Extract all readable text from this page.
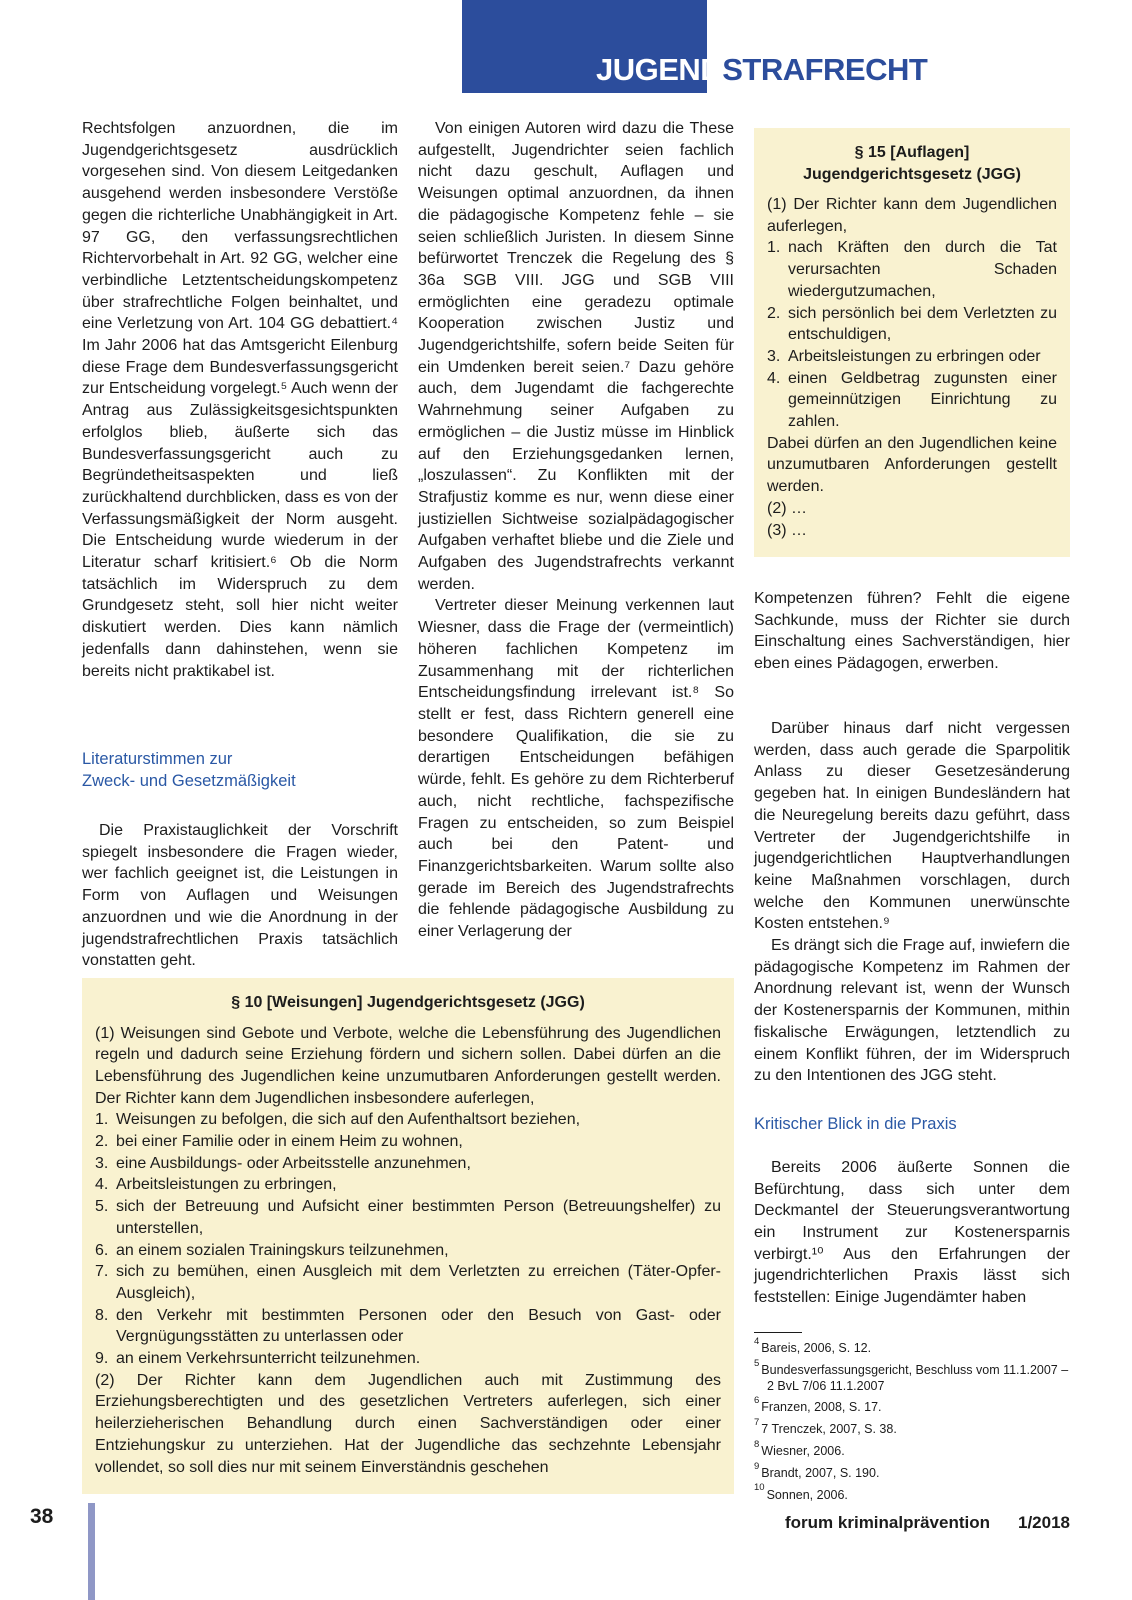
JUGENDSTRAFRECHT

Rechtsfolgen anzuordnen, die im Jugendgerichtsgesetz ausdrücklich vorgesehen sind. Von diesem Leitgedanken ausgehend werden insbesondere Verstöße gegen die richterliche Unabhängigkeit in Art. 97 GG, den verfassungsrechtlichen Richtervorbehalt in Art. 92 GG, welcher eine verbindliche Letztentscheidungskompetenz über strafrechtliche Folgen beinhaltet, und eine Verletzung von Art. 104 GG debattiert.⁴ Im Jahr 2006 hat das Amtsgericht Eilenburg diese Frage dem Bundesverfassungsgericht zur Entscheidung vorgelegt.⁵ Auch wenn der Antrag aus Zulässigkeitsgesichtspunkten erfolglos blieb, äußerte sich das Bundesverfassungsgericht auch zu Begründetheitsaspekten und ließ zurückhaltend durchblicken, dass es von der Verfassungsmäßigkeit der Norm ausgeht. Die Entscheidung wurde wiederum in der Literatur scharf kritisiert.⁶ Ob die Norm tatsächlich im Widerspruch zu dem Grundgesetz steht, soll hier nicht weiter diskutiert werden. Dies kann nämlich jedenfalls dann dahinstehen, wenn sie bereits nicht praktikabel ist.

Literaturstimmen zur
Zweck- und Gesetzmäßigkeit

Die Praxistauglichkeit der Vorschrift spiegelt insbesondere die Fragen wieder, wer fachlich geeignet ist, die Leistungen in Form von Auflagen und Weisungen anzuordnen und wie die Anordnung in der jugendstrafrechtlichen Praxis tatsächlich vonstatten geht.

Von einigen Autoren wird dazu die These aufgestellt, Jugendrichter seien fachlich nicht dazu geschult, Auflagen und Weisungen optimal anzuordnen, da ihnen die pädagogische Kompetenz fehle – sie seien schließlich Juristen. In diesem Sinne befürwortet Trenczek die Regelung des § 36a SGB VIII. JGG und SGB VIII ermöglichten eine geradezu optimale Kooperation zwischen Justiz und Jugendgerichtshilfe, sofern beide Seiten für ein Umdenken bereit seien.⁷ Dazu gehöre auch, dem Jugendamt die fachgerechte Wahrnehmung seiner Aufgaben zu ermöglichen – die Justiz müsse im Hinblick auf den Erziehungsgedanken lernen, „loszulassen“. Zu Konflikten mit der Strafjustiz komme es nur, wenn diese einer justiziellen Sichtweise sozialpädagogischer Aufgaben verhaftet bliebe und die Ziele und Aufgaben des Jugendstrafrechts verkannt werden.

Vertreter dieser Meinung verkennen laut Wiesner, dass die Frage der (vermeintlich) höheren fachlichen Kompetenz im Zusammenhang mit der richterlichen Entscheidungsfindung irrelevant ist.⁸ So stellt er fest, dass Richtern generell eine besondere Qualifikation, die sie zu derartigen Entscheidungen befähigen würde, fehlt. Es gehöre zu dem Richterberuf auch, nicht rechtliche, fachspezifische Fragen zu entscheiden, so zum Beispiel auch bei den Patent- und Finanzgerichtsbarkeiten. Warum sollte also gerade im Bereich des Jugendstrafrechts die fehlende pädagogische Ausbildung zu einer Verlagerung der

§ 15 [Auflagen]
Jugendgerichtsgesetz (JGG)

(1) Der Richter kann dem Jugendlichen auferlegen,

1. nach Kräften den durch die Tat verursachten Schaden wiedergutzumachen,
2. sich persönlich bei dem Verletzten zu entschuldigen,
3. Arbeitsleistungen zu erbringen oder
4. einen Geldbetrag zugunsten einer gemeinnützigen Einrichtung zu zahlen.

Dabei dürfen an den Jugendlichen keine unzumutbaren Anforderungen gestellt werden.

(2) …

(3) …

Kompetenzen führen? Fehlt die eigene Sachkunde, muss der Richter sie durch Einschaltung eines Sachverständigen, hier eben eines Pädagogen, erwerben.

Darüber hinaus darf nicht vergessen werden, dass auch gerade die Sparpolitik Anlass zu dieser Gesetzesänderung gegeben hat. In einigen Bundesländern hat die Neuregelung bereits dazu geführt, dass Vertreter der Jugendgerichtshilfe in jugendgerichtlichen Hauptverhandlungen keine Maßnahmen vorschlagen, durch welche den Kommunen unerwünschte Kosten entstehen.⁹

Es drängt sich die Frage auf, inwiefern die pädagogische Kompetenz im Rahmen der Anordnung relevant ist, wenn der Wunsch der Kostenersparnis der Kommunen, mithin fiskalische Erwägungen, letztendlich zu einem Konflikt führen, der im Widerspruch zu den Intentionen des JGG steht.

Kritischer Blick in die Praxis

Bereits 2006 äußerte Sonnen die Befürchtung, dass sich unter dem Deckmantel der Steuerungsverantwortung ein Instrument zur Kostenersparnis verbirgt.¹⁰ Aus den Erfahrungen der jugendrichterlichen Praxis lässt sich feststellen: Einige Jugendämter haben

$^4$ Bareis, 2006, S. 12.
$^5$ Bundesverfassungsgericht, Beschluss vom 11.1.2007 – 2 BvL 7/06 11.1.2007
$^6$ Franzen, 2008, S. 17.
$^7$ 7 Trenczek, 2007, S. 38.
$^8$ Wiesner, 2006.
$^9$ Brandt, 2007, S. 190.
$^{10}$ Sonnen, 2006.
§ 10 [Weisungen] Jugendgerichtsgesetz (JGG)

(1) Weisungen sind Gebote und Verbote, welche die Lebensführung des Jugendlichen regeln und dadurch seine Erziehung fördern und sichern sollen. Dabei dürfen an die Lebensführung des Jugendlichen keine unzumutbaren Anforderungen gestellt werden. Der Richter kann dem Jugendlichen insbesondere auferlegen,

1. Weisungen zu befolgen, die sich auf den Aufenthaltsort beziehen,
2. bei einer Familie oder in einem Heim zu wohnen,
3. eine Ausbildungs- oder Arbeitsstelle anzunehmen,
4. Arbeitsleistungen zu erbringen,
5. sich der Betreuung und Aufsicht einer bestimmten Person (Betreuungshelfer) zu unterstellen,
6. an einem sozialen Trainingskurs teilzunehmen,
7. sich zu bemühen, einen Ausgleich mit dem Verletzten zu erreichen (Täter-Opfer-Ausgleich),
8. den Verkehr mit bestimmten Personen oder den Besuch von Gast- oder Vergnügungsstätten zu unterlassen oder
9. an einem Verkehrsunterricht teilzunehmen.

(2) Der Richter kann dem Jugendlichen auch mit Zustimmung des Erziehungsberechtigten und des gesetzlichen Vertreters auferlegen, sich einer heilerzieherischen Behandlung durch einen Sachverständigen oder einer Entziehungskur zu unterziehen. Hat der Jugendliche das sechzehnte Lebensjahr vollendet, so soll dies nur mit seinem Einverständnis geschehen

38	forum kriminalprävention 1/2018
